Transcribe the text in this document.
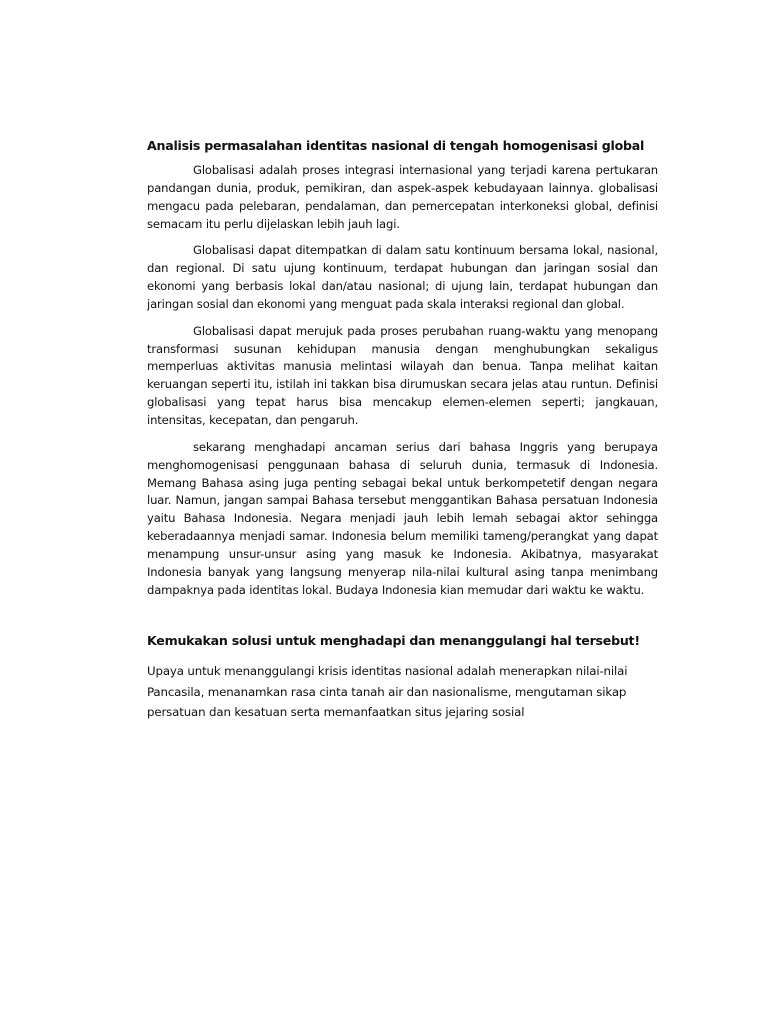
Analisis permasalahan identitas nasional di tengah homogenisasi global

Globalisasi adalah proses integrasi internasional yang terjadi karena pertukaran pandangan dunia, produk, pemikiran, dan aspek-aspek kebudayaan lainnya. globalisasi mengacu pada pelebaran, pendalaman, dan pemercepatan interkoneksi global, definisi semacam itu perlu dijelaskan lebih jauh lagi.

Globalisasi dapat ditempatkan di dalam satu kontinuum bersama lokal, nasional, dan regional. Di satu ujung kontinuum, terdapat hubungan dan jaringan sosial dan ekonomi yang berbasis lokal dan/atau nasional; di ujung lain, terdapat hubungan dan jaringan sosial dan ekonomi yang menguat pada skala interaksi regional dan global.

Globalisasi dapat merujuk pada proses perubahan ruang-waktu yang menopang transformasi susunan kehidupan manusia dengan menghubungkan sekaligus memperluas aktivitas manusia melintasi wilayah dan benua. Tanpa melihat kaitan keruangan seperti itu, istilah ini takkan bisa dirumuskan secara jelas atau runtun. Definisi globalisasi yang tepat harus bisa mencakup elemen-elemen seperti; jangkauan, intensitas, kecepatan, dan pengaruh.

sekarang menghadapi ancaman serius dari bahasa Inggris yang berupaya menghomogenisasi penggunaan bahasa di seluruh dunia, termasuk di Indonesia. Memang Bahasa asing juga penting sebagai bekal untuk berkompetetif dengan negara luar. Namun, jangan sampai Bahasa tersebut menggantikan Bahasa persatuan Indonesia yaitu Bahasa Indonesia. Negara menjadi jauh lebih lemah sebagai aktor sehingga keberadaannya menjadi samar. Indonesia belum memiliki tameng/perangkat yang dapat menampung unsur-unsur asing yang masuk ke Indonesia. Akibatnya, masyarakat Indonesia banyak yang langsung menyerap nila-nilai kultural asing tanpa menimbang dampaknya pada identitas lokal. Budaya Indonesia kian memudar dari waktu ke waktu.

Kemukakan solusi untuk menghadapi dan menanggulangi hal tersebut!

Upaya untuk menanggulangi krisis identitas nasional adalah menerapkan nilai-nilai Pancasila, menanamkan rasa cinta tanah air dan nasionalisme, mengutaman sikap persatuan dan kesatuan serta memanfaatkan situs jejaring sosial
